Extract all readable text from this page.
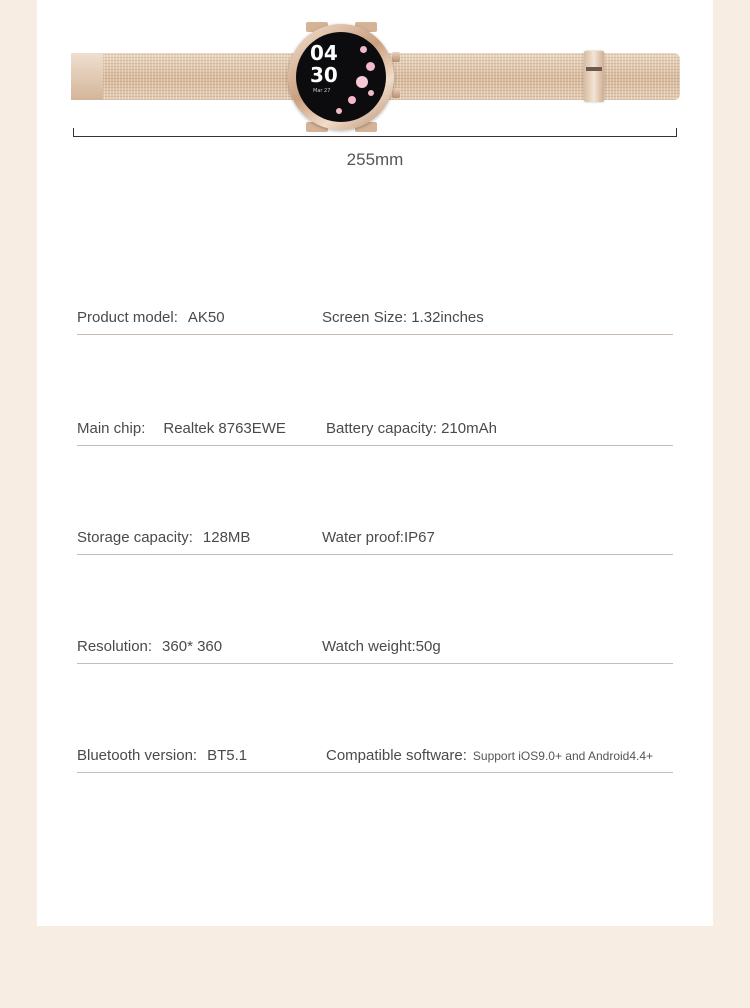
04
30
Mar 27
255mm
Product model: AK50	Screen Size: 1.32inches
Main chip: Realtek 8763EWE	Battery capacity: 210mAh
Storage capacity: 128MB	Water proof:IP67
Resolution: 360* 360	Watch weight:50g
Bluetooth version: BT5.1	Compatible software: Support iOS9.0+ and Android4.4+
